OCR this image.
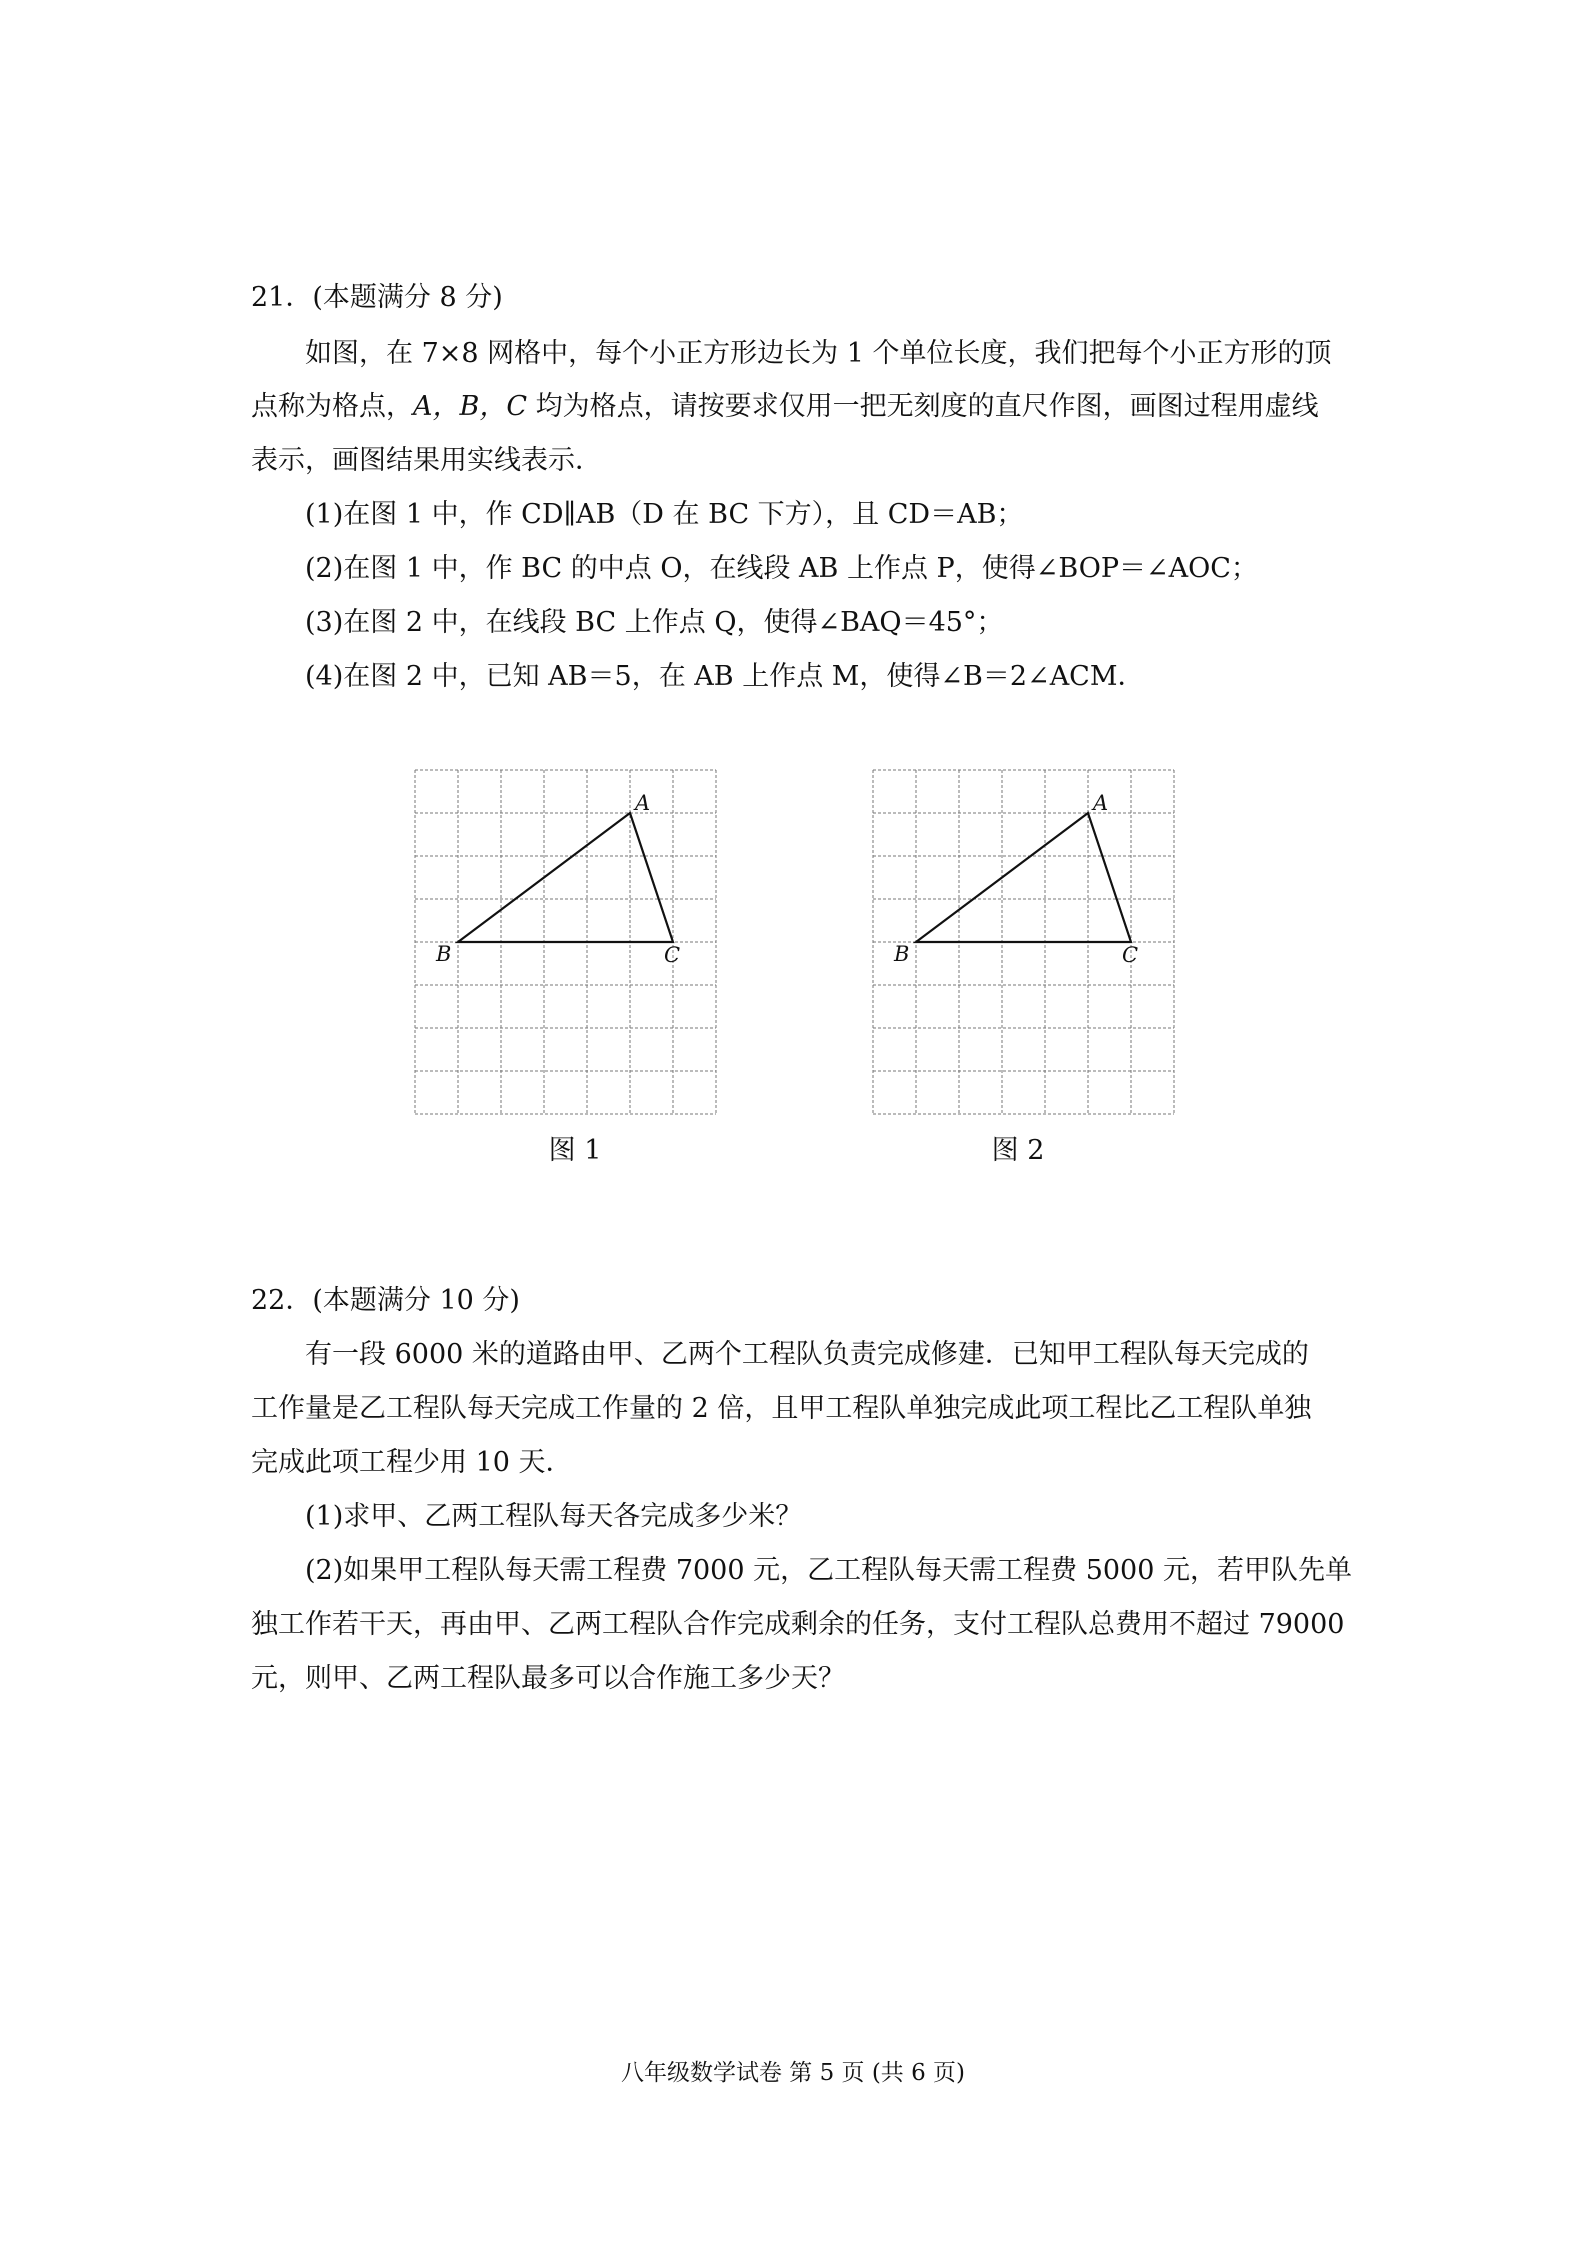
21．(本题满分 8 分)
如图，在 7×8 网格中，每个小正方形边长为 1 个单位长度，我们把每个小正方形的顶
点称为格点，A，B，C 均为格点，请按要求仅用一把无刻度的直尺作图，画图过程用虚线
表示，画图结果用实线表示．
(1)在图 1 中，作 CD∥AB（D 在 BC 下方），且 CD＝AB；
(2)在图 1 中，作 BC 的中点 O，在线段 AB 上作点 P，使得∠BOP＝∠AOC；
(3)在图 2 中，在线段 BC 上作点 Q，使得∠BAQ＝45°；
(4)在图 2 中，已知 AB＝5，在 AB 上作点 M，使得∠B＝2∠ACM．
A
B	C
图 1
A
B	C
图 2
22．(本题满分 10 分)
有一段 6000 米的道路由甲、乙两个工程队负责完成修建．已知甲工程队每天完成的
工作量是乙工程队每天完成工作量的 2 倍，且甲工程队单独完成此项工程比乙工程队单独
完成此项工程少用 10 天．
(1)求甲、乙两工程队每天各完成多少米？
(2)如果甲工程队每天需工程费 7000 元，乙工程队每天需工程费 5000 元，若甲队先单
独工作若干天，再由甲、乙两工程队合作完成剩余的任务，支付工程队总费用不超过 79000
元，则甲、乙两工程队最多可以合作施工多少天？
八年级数学试卷 第 5 页 (共 6 页)
